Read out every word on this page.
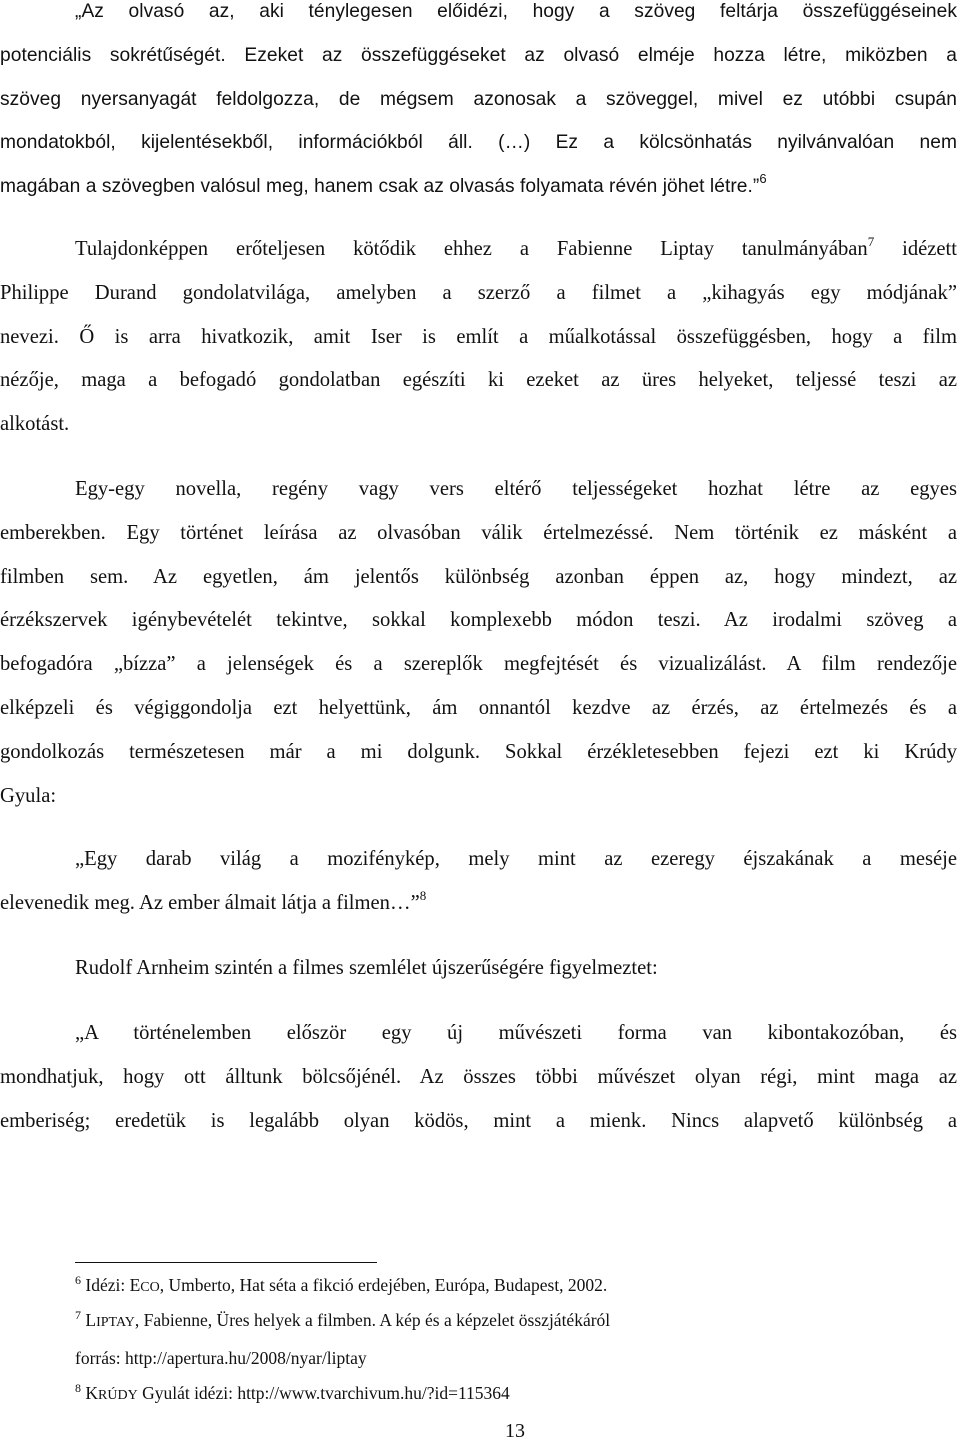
„Az olvasó az, aki ténylegesen előidézi, hogy a szöveg feltárja összefüggéseinek
potenciális sokrétűségét. Ezeket az összefüggéseket az olvasó elméje hozza létre, miközben a
szöveg nyersanyagát feldolgozza, de mégsem azonosak a szöveggel, mivel ez utóbbi csupán
mondatokból, kijelentésekből, információkból áll. (…) Ez a kölcsönhatás nyilvánvalóan nem
magában a szövegben valósul meg, hanem csak az olvasás folyamata révén jöhet létre.”$^6$
Tulajdonképpen erőteljesen kötődik ehhez a Fabienne Liptay tanulmányában$^7$ idézett
Philippe Durand gondolatvilága, amelyben a szerző a filmet a „kihagyás egy módjának”
nevezi. Ő is arra hivatkozik, amit Iser is említ a műalkotással összefüggésben, hogy a film
nézője, maga a befogadó gondolatban egészíti ki ezeket az üres helyeket, teljessé teszi az
alkotást.
Egy-egy novella, regény vagy vers eltérő teljességeket hozhat létre az egyes
emberekben. Egy történet leírása az olvasóban válik értelmezéssé. Nem történik ez másként a
filmben sem. Az egyetlen, ám jelentős különbség azonban éppen az, hogy mindezt, az
érzékszervek igénybevételét tekintve, sokkal komplexebb módon teszi. Az irodalmi szöveg a
befogadóra „bízza” a jelenségek és a szereplők megfejtését és vizualizálást. A film rendezője
elképzeli és végiggondolja ezt helyettünk, ám onnantól kezdve az érzés, az értelmezés és a
gondolkozás természetesen már a mi dolgunk. Sokkal érzékletesebben fejezi ezt ki Krúdy
Gyula:
„Egy darab világ a mozifénykép, mely mint az ezeregy éjszakának a meséje
elevenedik meg. Az ember álmait látja a filmen…”$^8$
Rudolf Arnheim szintén a filmes szemlélet újszerűségére figyelmeztet:
„A történelemben először egy új művészeti forma van kibontakozóban, és
mondhatjuk, hogy ott álltunk bölcsőjénél. Az összes többi művészet olyan régi, mint maga az
emberiség; eredetük is legalább olyan ködös, mint a mienk. Nincs alapvető különbség a

$^6$ Idézi: ECO, Umberto, Hat séta a fikció erdejében, Európa, Budapest, 2002.

$^7$ LIPTAY, Fabienne, Üres helyek a filmben. A kép és a képzelet összjátékáról

forrás: http://apertura.hu/2008/nyar/liptay

$^8$ KRÚDY Gyulát idézi: http://www.tvarchivum.hu/?id=115364

13
